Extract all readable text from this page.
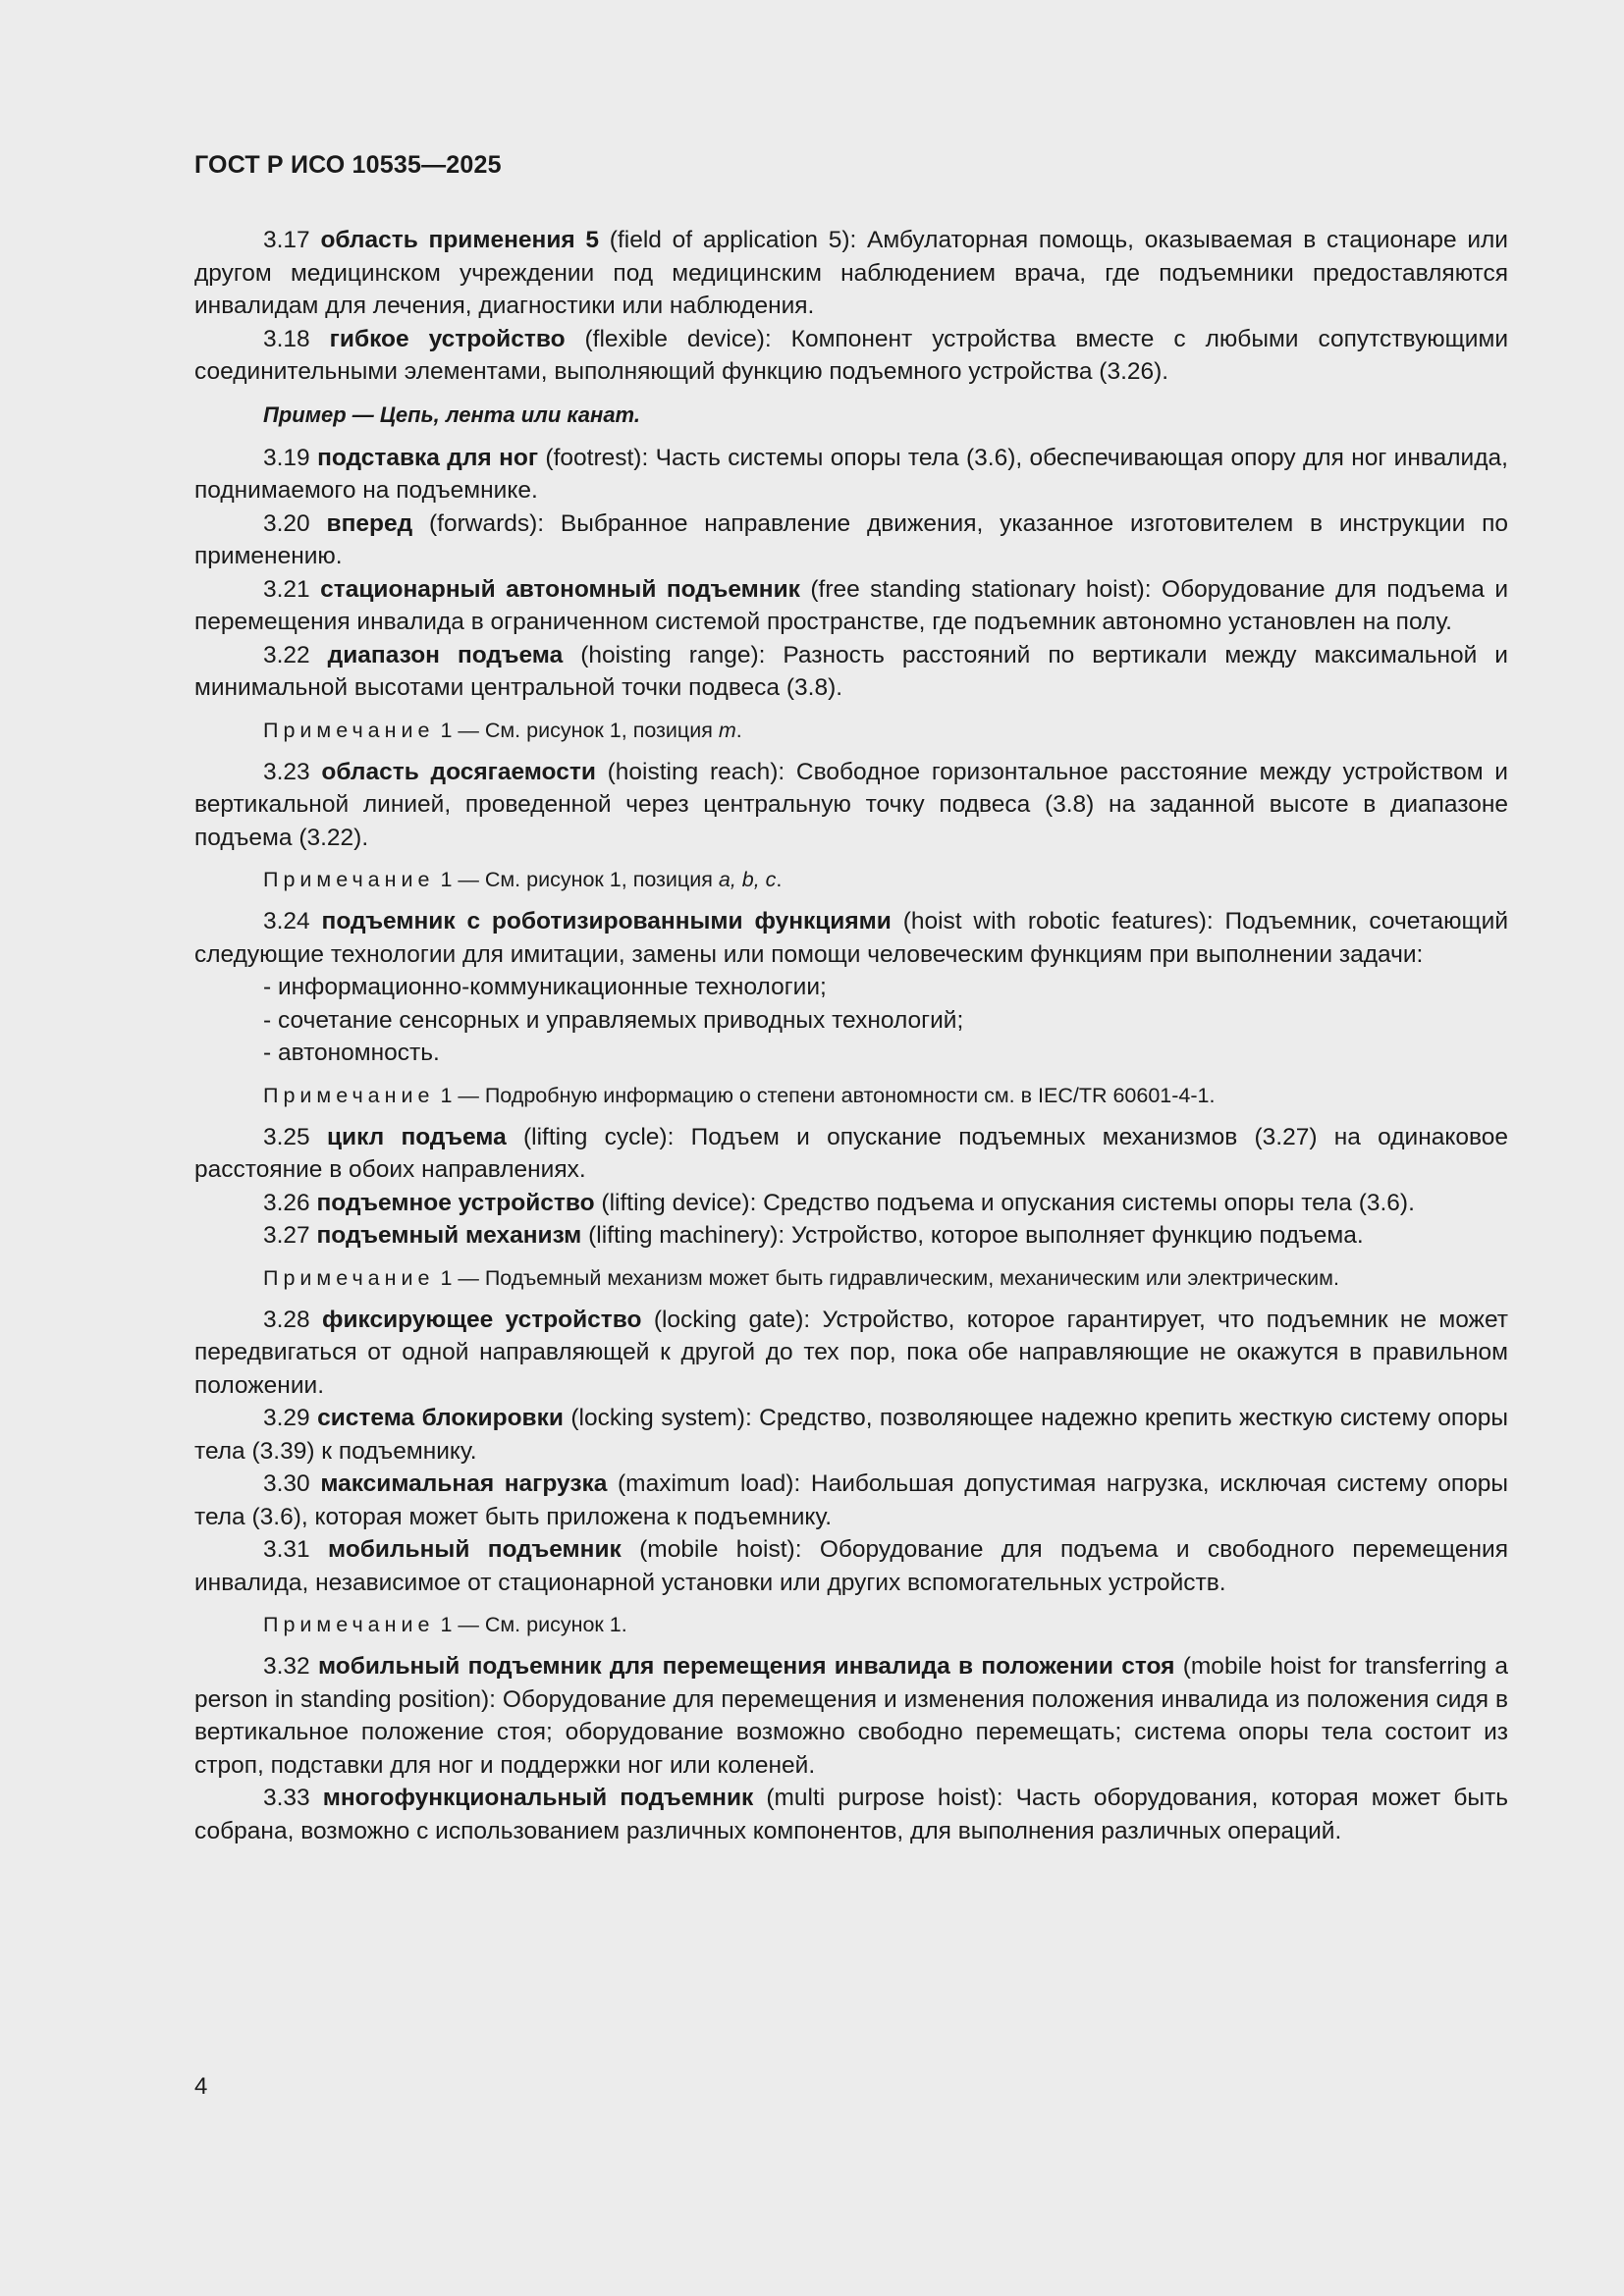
ГОСТ Р ИСО 10535—2025

3.17 область применения 5 (field of application 5): Амбулаторная помощь, оказываемая в стационаре или другом медицинском учреждении под медицинским наблюдением врача, где подъемники предоставляются инвалидам для лечения, диагностики или наблюдения.

3.18 гибкое устройство (flexible device): Компонент устройства вместе с любыми сопутствующими соединительными элементами, выполняющий функцию подъемного устройства (3.26).

Пример — Цепь, лента или канат.

3.19 подставка для ног (footrest): Часть системы опоры тела (3.6), обеспечивающая опору для ног инвалида, поднимаемого на подъемнике.

3.20 вперед (forwards): Выбранное направление движения, указанное изготовителем в инструкции по применению.

3.21 стационарный автономный подъемник (free standing stationary hoist): Оборудование для подъема и перемещения инвалида в ограниченном системой пространстве, где подъемник автономно установлен на полу.

3.22 диапазон подъема (hoisting range): Разность расстояний по вертикали между максимальной и минимальной высотами центральной точки подвеса (3.8).

Примечание 1 — См. рисунок 1, позиция m.

3.23 область досягаемости (hoisting reach): Свободное горизонтальное расстояние между устройством и вертикальной линией, проведенной через центральную точку подвеса (3.8) на заданной высоте в диапазоне подъема (3.22).

Примечание 1 — См. рисунок 1, позиция a, b, c.

3.24 подъемник с роботизированными функциями (hoist with robotic features): Подъемник, сочетающий следующие технологии для имитации, замены или помощи человеческим функциям при выполнении задачи:

- информационно-коммуникационные технологии;
- сочетание сенсорных и управляемых приводных технологий;
- автономность.
Примечание 1 — Подробную информацию о степени автономности см. в IEC/TR 60601-4-1.

3.25 цикл подъема (lifting cycle): Подъем и опускание подъемных механизмов (3.27) на одинаковое расстояние в обоих направлениях.

3.26 подъемное устройство (lifting device): Средство подъема и опускания системы опоры тела (3.6).

3.27 подъемный механизм (lifting machinery): Устройство, которое выполняет функцию подъема.

Примечание 1 — Подъемный механизм может быть гидравлическим, механическим или электрическим.

3.28 фиксирующее устройство (locking gate): Устройство, которое гарантирует, что подъемник не может передвигаться от одной направляющей к другой до тех пор, пока обе направляющие не окажутся в правильном положении.

3.29 система блокировки (locking system): Средство, позволяющее надежно крепить жесткую систему опоры тела (3.39) к подъемнику.

3.30 максимальная нагрузка (maximum load): Наибольшая допустимая нагрузка, исключая систему опоры тела (3.6), которая может быть приложена к подъемнику.

3.31 мобильный подъемник (mobile hoist): Оборудование для подъема и свободного перемещения инвалида, независимое от стационарной установки или других вспомогательных устройств.

Примечание 1 — См. рисунок 1.

3.32 мобильный подъемник для перемещения инвалида в положении стоя (mobile hoist for transferring a person in standing position): Оборудование для перемещения и изменения положения инвалида из положения сидя в вертикальное положение стоя; оборудование возможно свободно перемещать; система опоры тела состоит из строп, подставки для ног и поддержки ног или коленей.

3.33 многофункциональный подъемник (multi purpose hoist): Часть оборудования, которая может быть собрана, возможно с использованием различных компонентов, для выполнения различных операций.

4
